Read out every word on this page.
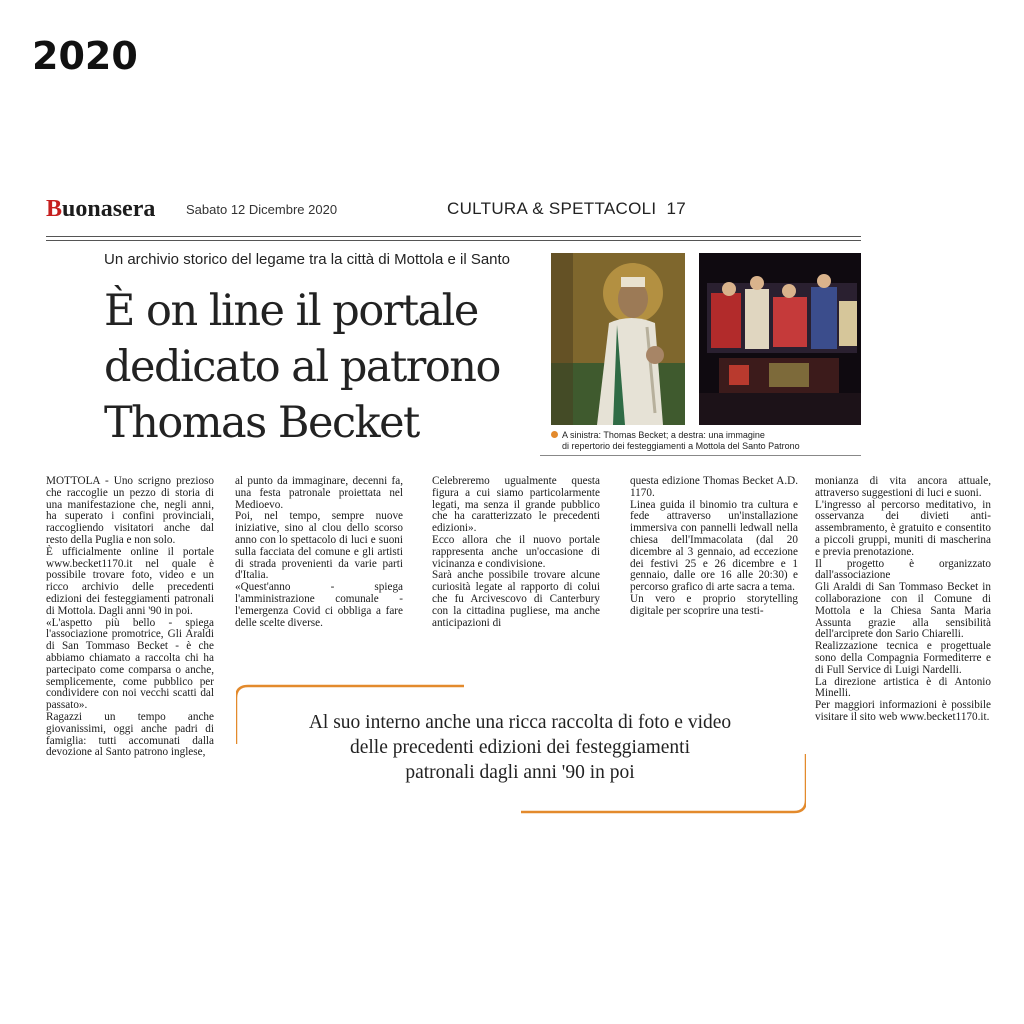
2020
Buonasera Sabato 12 Dicembre 2020	CULTURA & SPETTACOLI 17
Un archivio storico del legame tra la città di Mottola e il Santo
È on line il portale
dedicato al patrono
Thomas Becket	A sinistra: Thomas Becket; a destra: una immagine
di repertorio dei festeggiamenti a Mottola del Santo Patrono

MOTTOLA - Uno scrigno prezioso che raccoglie un pezzo di storia di una manifestazione che, negli anni, ha superato i confini provinciali, raccogliendo visitatori anche dal resto della Puglia e non solo.
È ufficialmente online il portale www.becket1170.it nel quale è possibile trovare foto, video e un ricco archivio delle precedenti edizioni dei festeggiamenti patronali di Mottola. Dagli anni '90 in poi.
«L'aspetto più bello - spiega l'associazione promotrice, Gli Araldi di San Tommaso Becket - è che abbiamo chiamato a raccolta chi ha partecipato come comparsa o anche, semplicemente, come pubblico per condividere con noi vecchi scatti dal passato».
Ragazzi un tempo anche giovanissimi, oggi anche padri di famiglia: tutti accomunati dalla devozione al Santo patrono inglese,

al punto da immaginare, decenni fa, una festa patronale proiettata nel Medioevo.
Poi, nel tempo, sempre nuove iniziative, sino al clou dello scorso anno con lo spettacolo di luci e suoni sulla facciata del comune e gli artisti di strada provenienti da varie parti d'Italia.
«Quest'anno - spiega l'amministrazione comunale - l'emergenza Covid ci obbliga a fare delle scelte diverse.

Celebreremo ugualmente questa figura a cui siamo particolarmente legati, ma senza il grande pubblico che ha caratterizzato le precedenti edizioni».
Ecco allora che il nuovo portale rappresenta anche un'occasione di vicinanza e condivisione.
Sarà anche possibile trovare alcune curiosità legate al rapporto di colui che fu Arcivescovo di Canterbury con la cittadina pugliese, ma anche anticipazioni di

questa edizione Thomas Becket A.D. 1170.
Linea guida il binomio tra cultura e fede attraverso un'installazione immersiva con pannelli ledwall nella chiesa dell'Immacolata (dal 20 dicembre al 3 gennaio, ad eccezione dei festivi 25 e 26 dicembre e 1 gennaio, dalle ore 16 alle 20:30) e percorso grafico di arte sacra a tema.
Un vero e proprio storytelling digitale per scoprire una testi-

monianza di vita ancora attuale, attraverso suggestioni di luci e suoni.
L'ingresso al percorso meditativo, in osservanza dei divieti anti-assembramento, è gratuito e consentito a piccoli gruppi, muniti di mascherina e previa prenotazione.
Il progetto è organizzato dall'associazione
Gli Araldi di San Tommaso Becket in collaborazione con il Comune di Mottola e la Chiesa Santa Maria Assunta grazie alla sensibilità dell'arciprete don Sario Chiarelli.
Realizzazione tecnica e progettuale sono della Compagnia Formediterre e di Full Service di Luigi Nardelli.
La direzione artistica è di Antonio Minelli.
Per maggiori informazioni è possibile visitare il sito web www.becket1170.it.

Al suo interno anche una ricca raccolta di foto e video
delle precedenti edizioni dei festeggiamenti
patronali dagli anni '90 in poi
